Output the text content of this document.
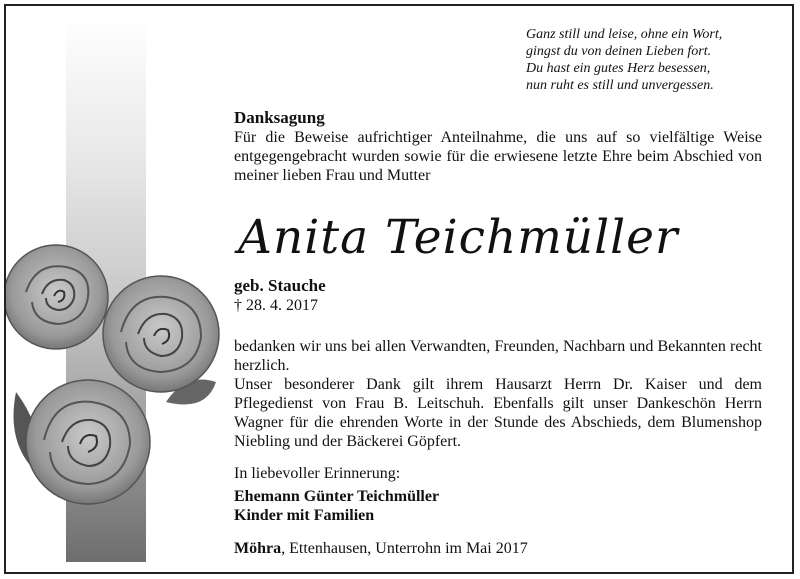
Ganz still und leise, ohne ein Wort,
gingst du von deinen Lieben fort.
Du hast ein gutes Herz besessen,
nun ruht es still und unvergessen.
Danksagung
Für die Beweise aufrichtiger Anteilnahme, die uns auf so vielfältige Weise entgegengebracht wurden sowie für die erwiesene letzte Ehre beim Abschied von meiner lieben Frau und Mutter
Anita Teichmüller
geb. Stauche
† 28. 4. 2017
bedanken wir uns bei allen Verwandten, Freunden, Nachbarn und Bekannten recht herzlich.
Unser besonderer Dank gilt ihrem Hausarzt Herrn Dr. Kaiser und dem Pflegedienst von Frau B. Leitschuh. Ebenfalls gilt unser Dankeschön Herrn Wagner für die ehrenden Worte in der Stunde des Abschieds, dem Blumenshop Niebling und der Bäckerei Göpfert.
In liebevoller Erinnerung:
Ehemann Günter Teichmüller
Kinder mit Familien
Möhra, Ettenhausen, Unterrohn im Mai 2017
